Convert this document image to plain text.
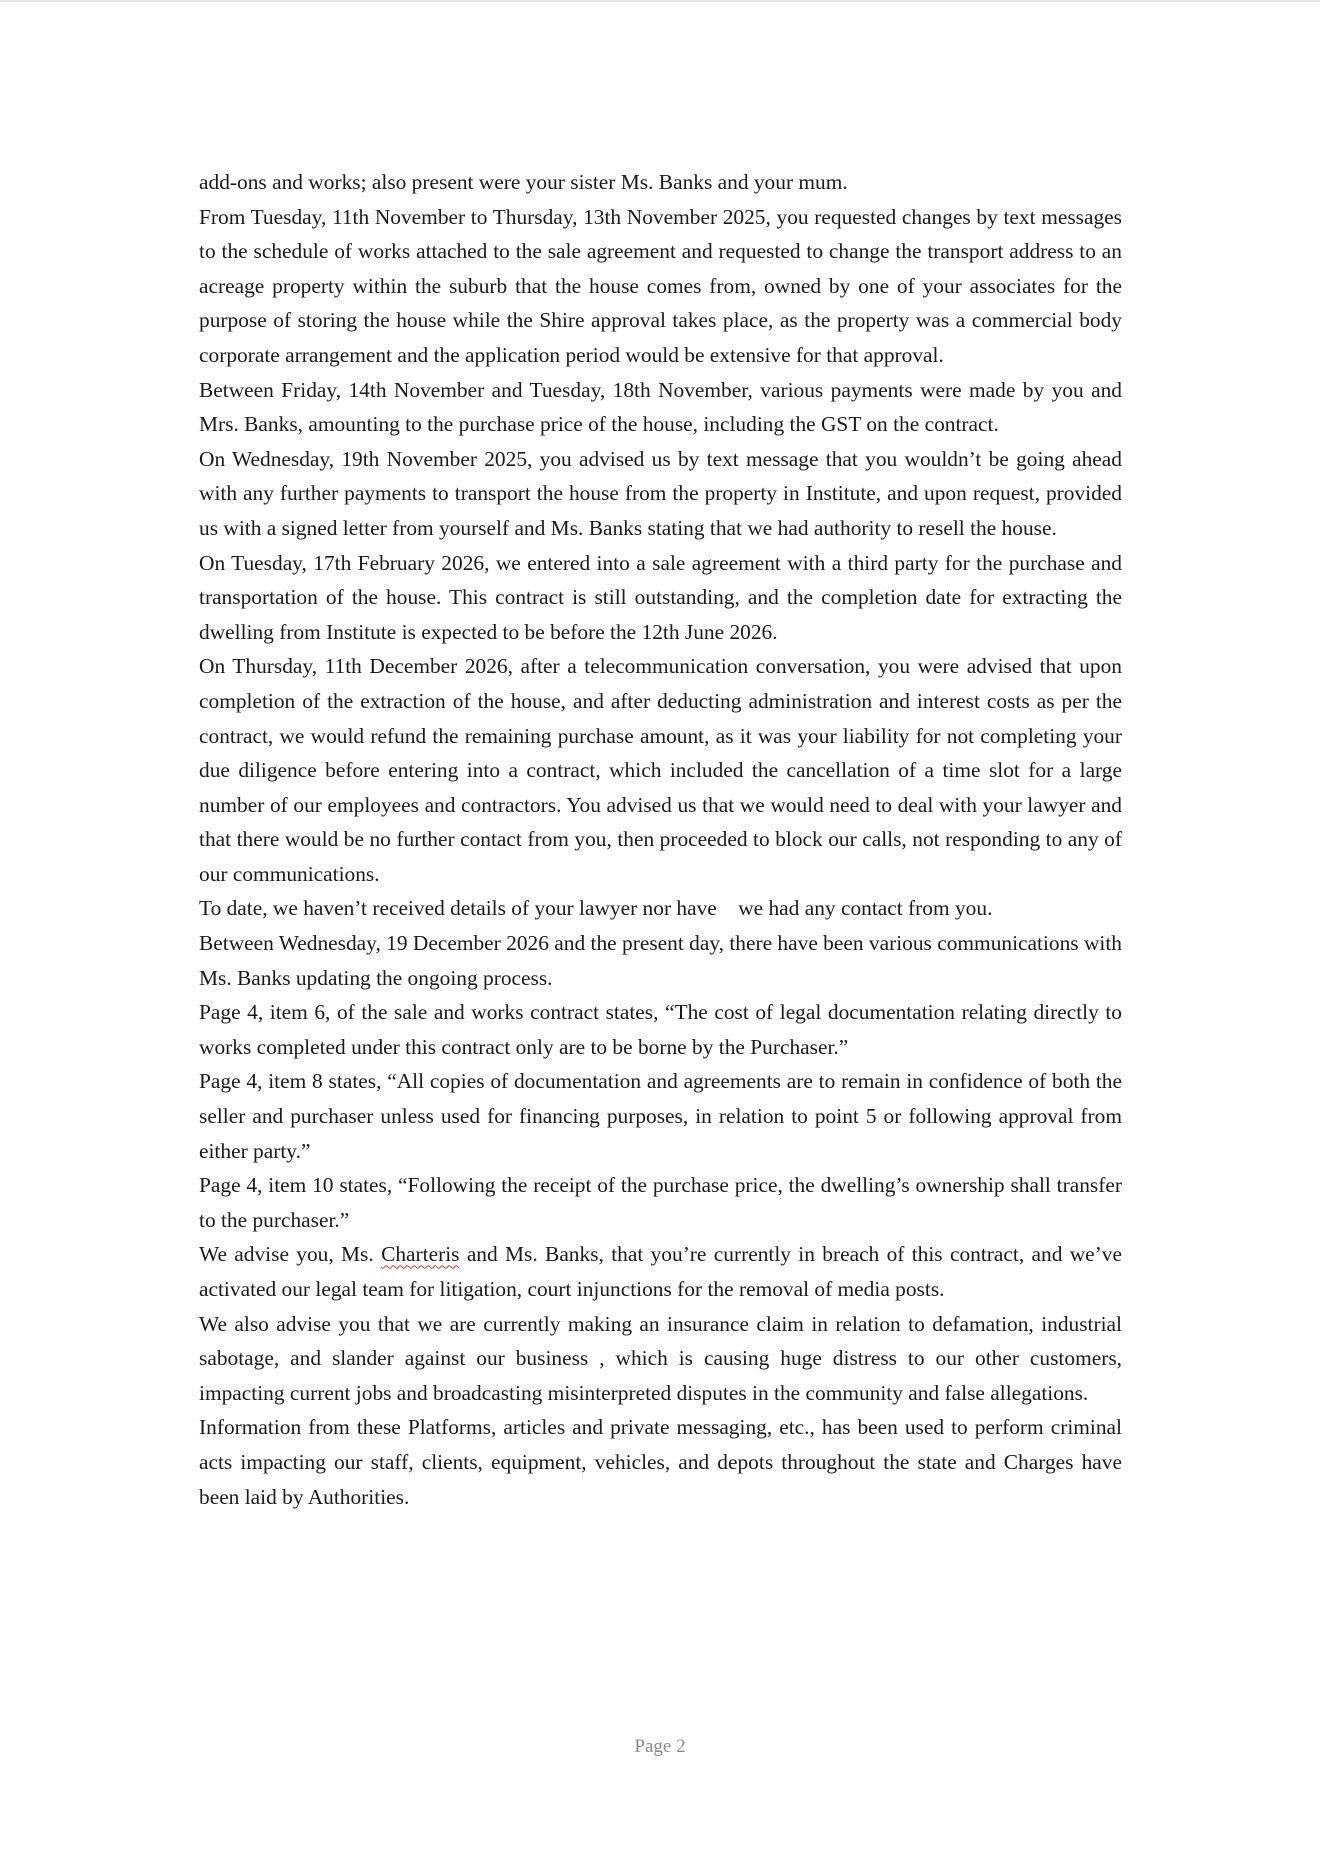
add-ons and works; also present were your sister Ms. Banks and your mum.

From Tuesday, 11th November to Thursday, 13th November 2025, you requested changes by text messages to the schedule of works attached to the sale agreement and requested to change the transport address to an acreage property within the suburb that the house comes from, owned by one of your associates for the purpose of storing the house while the Shire approval takes place, as the property was a commercial body corporate arrangement and the application period would be extensive for that approval.

Between Friday, 14th November and Tuesday, 18th November, various payments were made by you and Mrs. Banks, amounting to the purchase price of the house, including the GST on the contract.

On Wednesday, 19th November 2025, you advised us by text message that you wouldn’t be going ahead with any further payments to transport the house from the property in Institute, and upon request, provided us with a signed letter from yourself and Ms. Banks stating that we had authority to resell the house.

On Tuesday, 17th February 2026, we entered into a sale agreement with a third party for the purchase and transportation of the house. This contract is still outstanding, and the completion date for extracting the dwelling from Institute is expected to be before the 12th June 2026.

On Thursday, 11th December 2026, after a telecommunication conversation, you were advised that upon completion of the extraction of the house, and after deducting administration and interest costs as per the contract, we would refund the remaining purchase amount, as it was your liability for not completing your due diligence before entering into a contract, which included the cancellation of a time slot for a large number of our employees and contractors. You advised us that we would need to deal with your lawyer and that there would be no further contact from you, then proceeded to block our calls, not responding to any of our communications.

To date, we haven’t received details of your lawyer nor have    we had any contact from you.

Between Wednesday, 19 December 2026 and the present day, there have been various communications with Ms. Banks updating the ongoing process.

Page 4, item 6, of the sale and works contract states, “The cost of legal documentation relating directly to works completed under this contract only are to be borne by the Purchaser.”

Page 4, item 8 states, “All copies of documentation and agreements are to remain in confidence of both the seller and purchaser unless used for financing purposes, in relation to point 5 or following approval from either party.”

Page 4, item 10 states, “Following the receipt of the purchase price, the dwelling’s ownership shall transfer to the purchaser.”

We advise you, Ms. Charteris and Ms. Banks, that you’re currently in breach of this contract, and we’ve activated our legal team for litigation, court injunctions for the removal of media posts.

We also advise you that we are currently making an insurance claim in relation to defamation, industrial sabotage, and slander against our business , which is causing huge distress to our other customers, impacting current jobs and broadcasting misinterpreted disputes in the community and false allegations.

Information from these Platforms, articles and private messaging, etc., has been used to perform criminal acts impacting our staff, clients, equipment, vehicles, and depots throughout the state and Charges have been laid by Authorities.

Page 2
